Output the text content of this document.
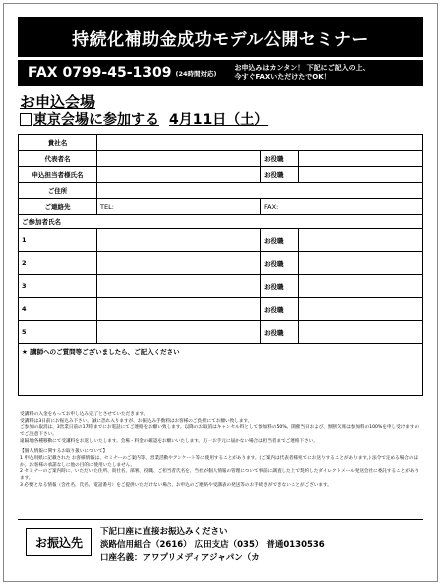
持続化補助金成功モデル公開セミナー
FAX 0799-45-1309 (24時間対応)
お申込みはカンタン！ 下記にご記入の上、
今すぐFAXいただけたでOK！
お申込会場
東京会場に参加する 4月11日（土）
貴社名			
代表者名		お役職	
申込担当者様氏名		お役職	
ご住所			
ご連絡先	TEL:	FAX:	
ご参加者氏名			
1		お役職	
2		お役職	
3		お役職	
4		お役職	
5		お役職	
★ 講師へのご質問等ございましたら、ご記入ください			

受講料の入金をもってお申し込み完了とさせていただきます。

受講料は3日前にお振込み下さい。誠に恐れ入りますが、お振込み手数料はお客様のご負担にてお願い致します。

ご参加の取消は、3営業日前の17時までにお電話にてご連絡をお願い致します。以降のお取消はキャンセル料として参加料の50%、開催当日および、無断欠席は参加料の100%を申し受けますのでご注意下さい。

遠隔地各種移動にて受講料をお返しいたします。会場・料金の確認をお願いいたします。万一お手元に届かない場合は担当者までご連絡下さい。

【個人情報に関するお取り扱いについて】

1 申込用紙に記載された お客様情報は、セミナーのご案内等、営業活動やアンケート等に使用することがあります。(ご案内は代表者様宛てにお送りすることがあります。) 法令で定める場合のほか、お客様の承諾なしに他の目的に使用いたしません。

2 セミナーのご案内時に、いただいた住所、貴社名、部署、役職、ご担当者氏名を、当社が個人情報の管理について事前に調査した上で契約したダイレクトメール発送会社に委託することがあります。

3 必要となる情報（会社名、氏名、電話番号）をご提供いただけない場合、お申込のご連絡や受講表の発送等のお手続きができないことがございます。

お振込先
下記口座に直接お振込みください
淡路信用組合（2616） 広田支店（035） 普通0130536
口座名義：アワプリメディアジャパン（カ
